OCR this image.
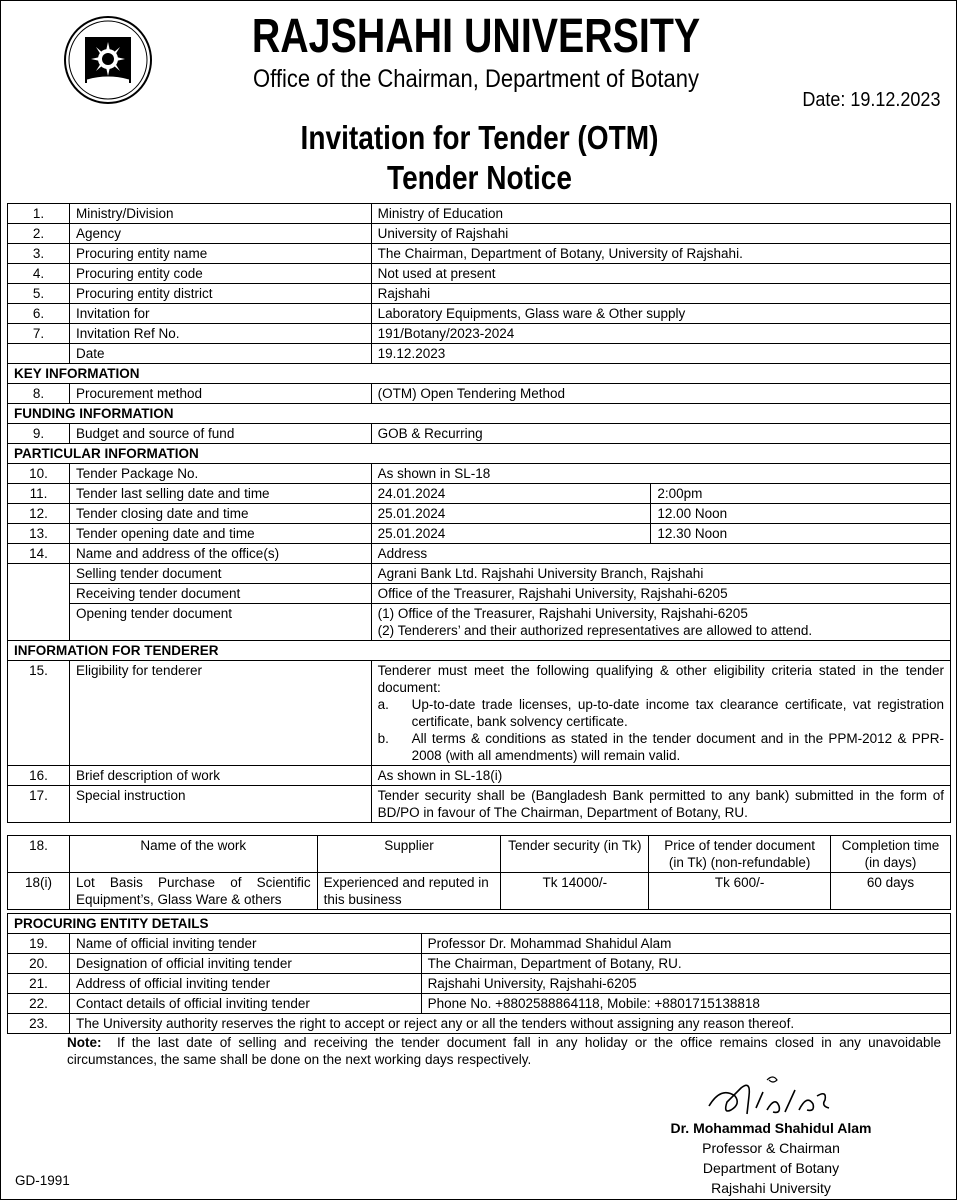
RAJSHAHI UNIVERSITY
Office of the Chairman, Department of Botany
Date: 19.12.2023
Invitation for Tender (OTM)
Tender Notice
1.	Ministry/Division	Ministry of Education	
2.	Agency	University of Rajshahi	
3.	Procuring entity name	The Chairman, Department of Botany, University of Rajshahi.	
4.	Procuring entity code	Not used at present	
5.	Procuring entity district	Rajshahi	
6.	Invitation for	Laboratory Equipments, Glass ware & Other supply	
7.	Invitation Ref No.	191/Botany/2023-2024	
	Date	19.12.2023	
KEY INFORMATION			
8.	Procurement method	(OTM) Open Tendering Method	
FUNDING INFORMATION			
9.	Budget and source of fund	GOB & Recurring	
PARTICULAR INFORMATION			
10.	Tender Package No.	As shown in SL-18	
11.	Tender last selling date and time	24.01.2024	2:00pm
12.	Tender closing date and time	25.01.2024	12.00 Noon
13.	Tender opening date and time	25.01.2024	12.30 Noon
14.	Name and address of the office(s)	Address	
	Selling tender document	Agrani Bank Ltd. Rajshahi University Branch, Rajshahi	
	Receiving tender document	Office of the Treasurer, Rajshahi University, Rajshahi-6205	
	Opening tender document	(1) Office of the Treasurer, Rajshahi University, Rajshahi-6205
(2) Tenderers’ and their authorized representatives are allowed to attend.	

INFORMATION FOR TENDERER			
15.	Eligibility for tenderer	Tenderer must meet the following qualifying & other eligibility criteria stated in the tender document:
a. Up-to-date trade licenses, up-to-date income tax clearance certificate, vat registration certificate, bank solvency certificate.
b. All terms & conditions as stated in the tender document and in the PPM-2012 & PPR-2008 (with all amendments) will remain valid.	

16.	Brief description of work	As shown in SL-18(i)	
17.	Special instruction	Tender security shall be (Bangladesh Bank permitted to any bank) submitted in the form of BD/PO in favour of The Chairman, Department of Botany, RU.	
18.	Name of the work	Supplier	Tender security (in Tk)	Price of tender document (in Tk) (non-refundable)	Completion time (in days)
18(i)	Lot Basis Purchase of Scientific Equipment’s, Glass Ware & others	Experienced and reputed in this business	Tk 14000/-	Tk 600/-	60 days
PROCURING ENTITY DETAILS		
19.	Name of official inviting tender	Professor Dr. Mohammad Shahidul Alam
20.	Designation of official inviting tender	The Chairman, Department of Botany, RU.
21.	Address of official inviting tender	Rajshahi University, Rajshahi-6205
22.	Contact details of official inviting tender	Phone No. +8802588864118, Mobile: +8801715138818
23.	The University authority reserves the right to accept or reject any or all the tenders without assigning any reason thereof.	
Note: If the last date of selling and receiving the tender document fall in any holiday or the office remains closed in any unavoidable circumstances, the same shall be done on the next working days respectively.
Dr. Mohammad Shahidul Alam
Professor & Chairman
Department of Botany
Rajshahi University
GD-1991
